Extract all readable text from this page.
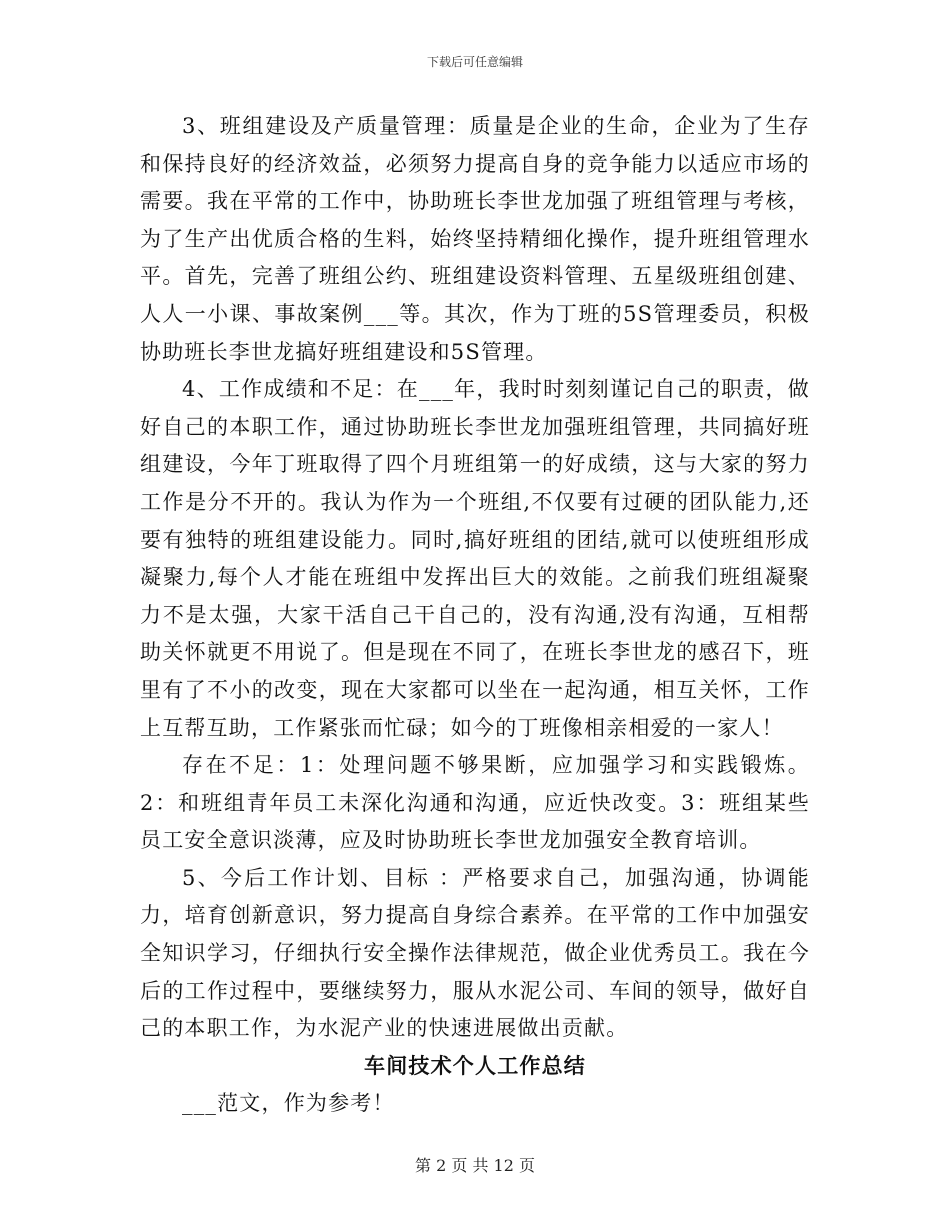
下载后可任意编辑

3、班组建设及产质量管理：质量是企业的生命，企业为了生存和保持良好的经济效益，必须努力提高自身的竞争能力以适应市场的需要。我在平常的工作中，协助班长李世龙加强了班组管理与考核，为了生产出优质合格的生料，始终坚持精细化操作，提升班组管理水平。首先，完善了班组公约、班组建设资料管理、五星级班组创建、人人一小课、事故案例___等。其次，作为丁班的5S管理委员，积极协助班长李世龙搞好班组建设和5S管理。

4、工作成绩和不足：在___年，我时时刻刻谨记自己的职责，做好自己的本职工作，通过协助班长李世龙加强班组管理，共同搞好班组建设，今年丁班取得了四个月班组第一的好成绩，这与大家的努力工作是分不开的。我认为作为一个班组,不仅要有过硬的团队能力,还要有独特的班组建设能力。同时,搞好班组的团结,就可以使班组形成凝聚力,每个人才能在班组中发挥出巨大的效能。之前我们班组凝聚力不是太强，大家干活自己干自己的，没有沟通,没有沟通，互相帮助关怀就更不用说了。但是现在不同了，在班长李世龙的感召下，班里有了不小的改变，现在大家都可以坐在一起沟通，相互关怀，工作上互帮互助，工作紧张而忙碌；如今的丁班像相亲相爱的一家人！

存在不足：1：处理问题不够果断，应加强学习和实践锻炼。2：和班组青年员工未深化沟通和沟通，应近快改变。3：班组某些员工安全意识淡薄，应及时协助班长李世龙加强安全教育培训。

5、今后工作计划、目标 ：严格要求自己，加强沟通，协调能力，培育创新意识，努力提高自身综合素养。在平常的工作中加强安全知识学习，仔细执行安全操作法律规范，做企业优秀员工。我在今后的工作过程中，要继续努力，服从水泥公司、车间的领导，做好自己的本职工作，为水泥产业的快速进展做出贡献。

车间技术个人工作总结

___范文，作为参考！

第 2 页 共 12 页
